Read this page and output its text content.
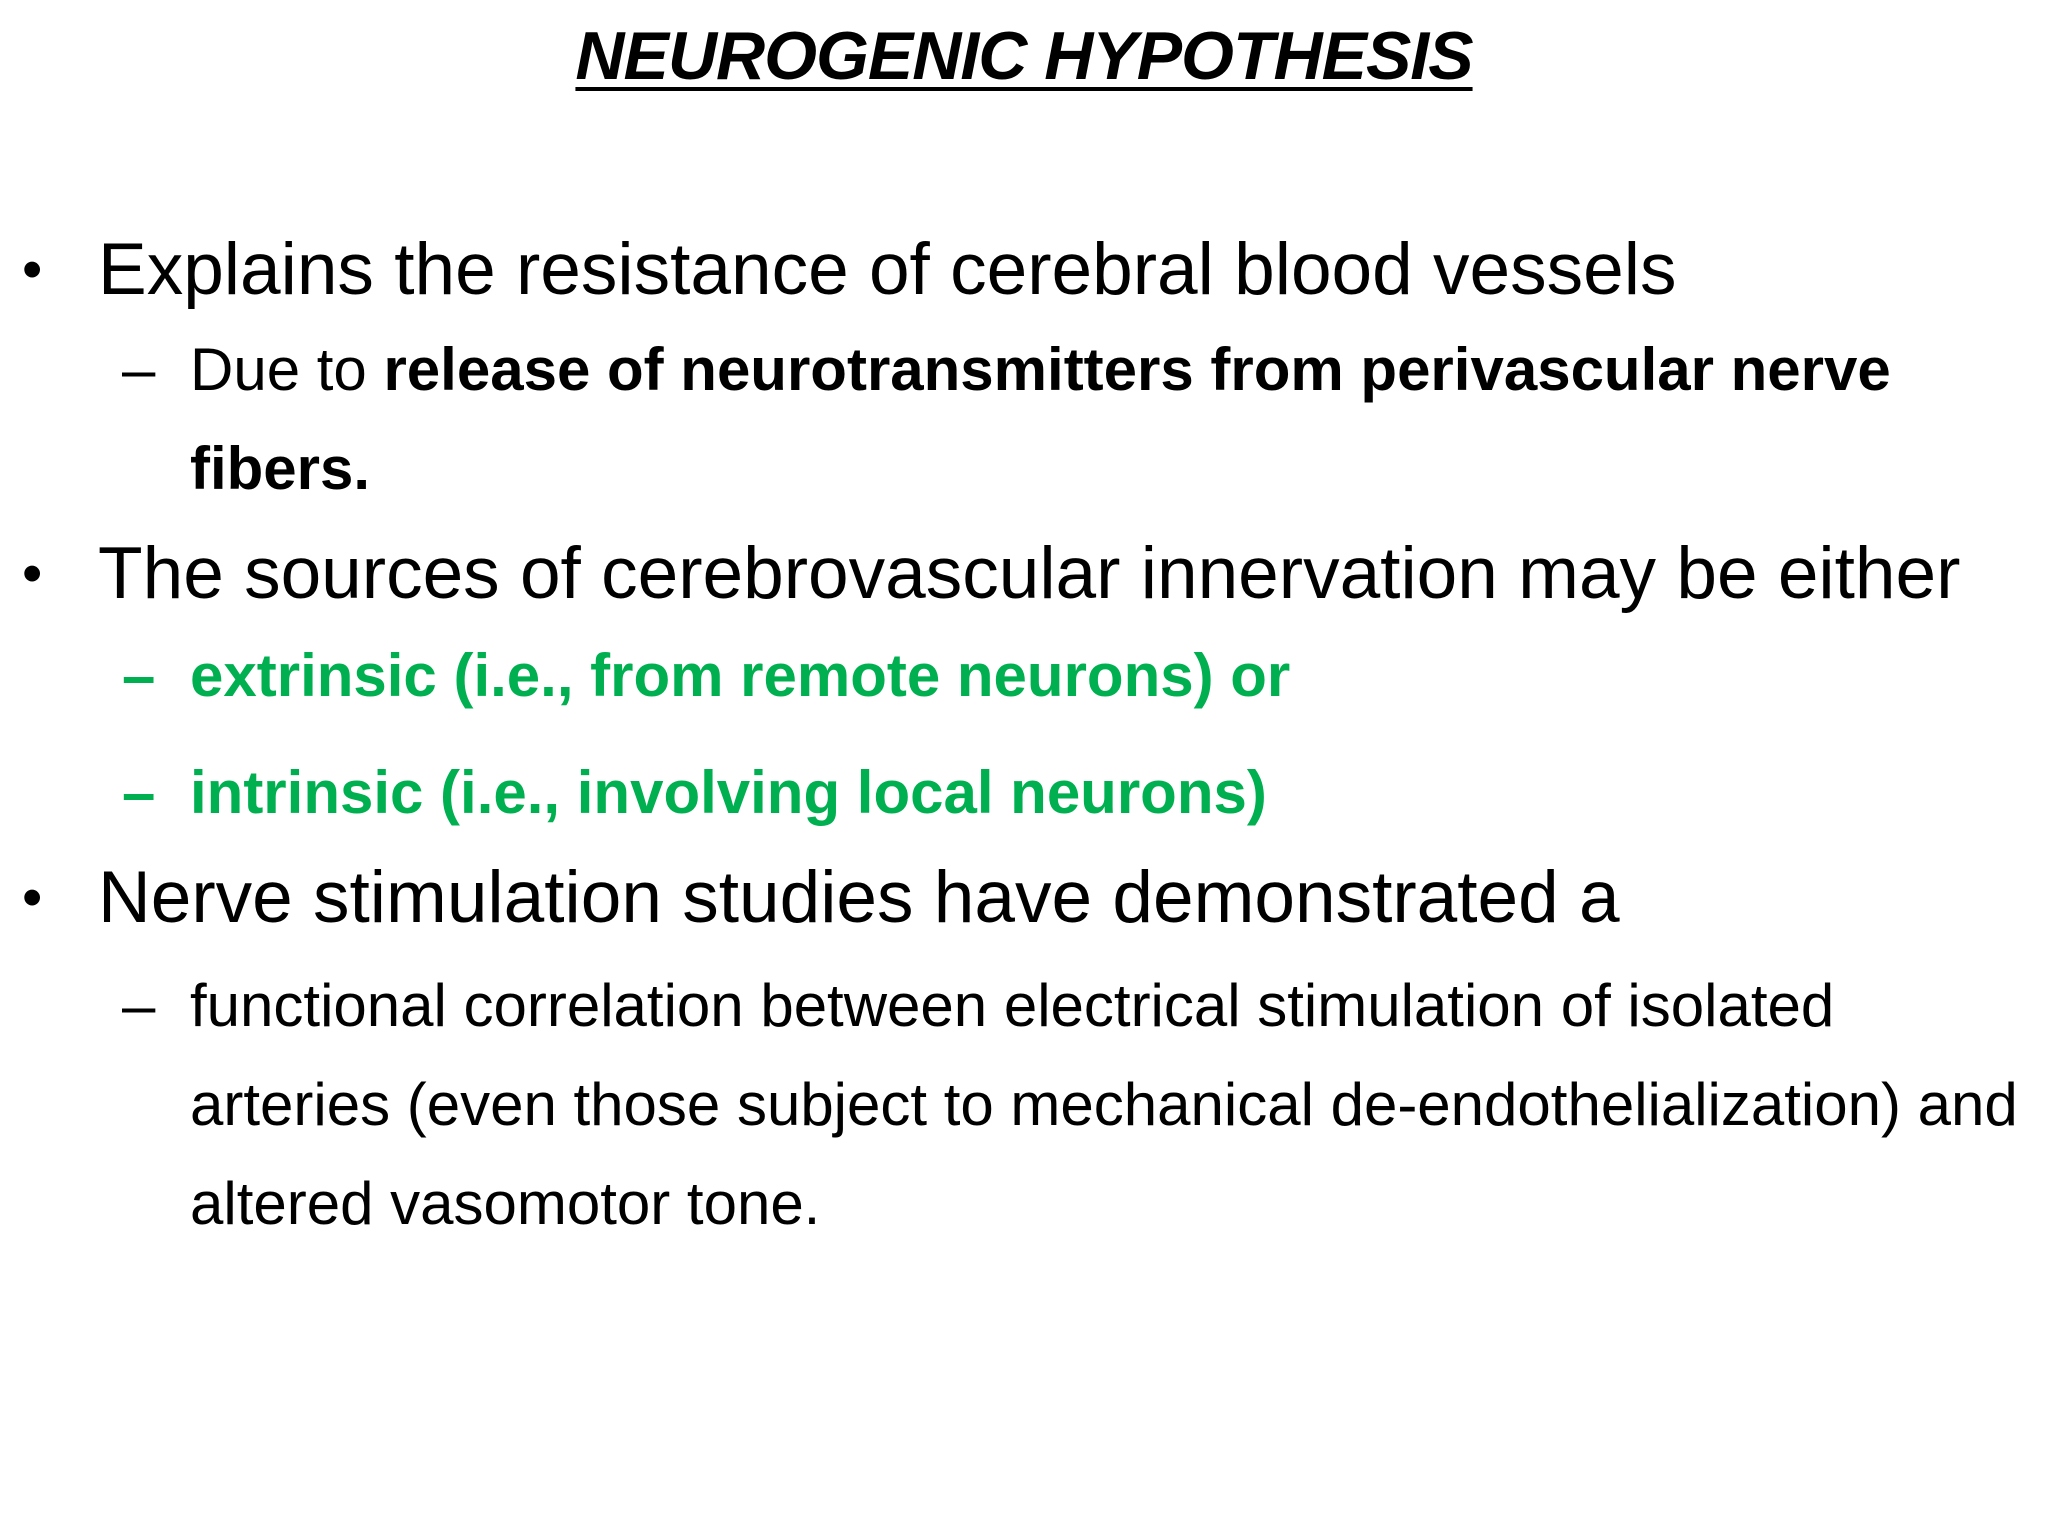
NEUROGENIC HYPOTHESIS

• Explains the resistance of cerebral blood vessels

– Due to release of neurotransmitters from perivascular nerve fibers.

• The sources of cerebrovascular innervation may be either

– extrinsic (i.e., from remote neurons) or

– intrinsic (i.e., involving local neurons)

• Nerve stimulation studies have demonstrated a

– functional correlation between electrical stimulation of isolated arteries (even those subject to mechanical de-endothelialization) and altered vasomotor tone.
